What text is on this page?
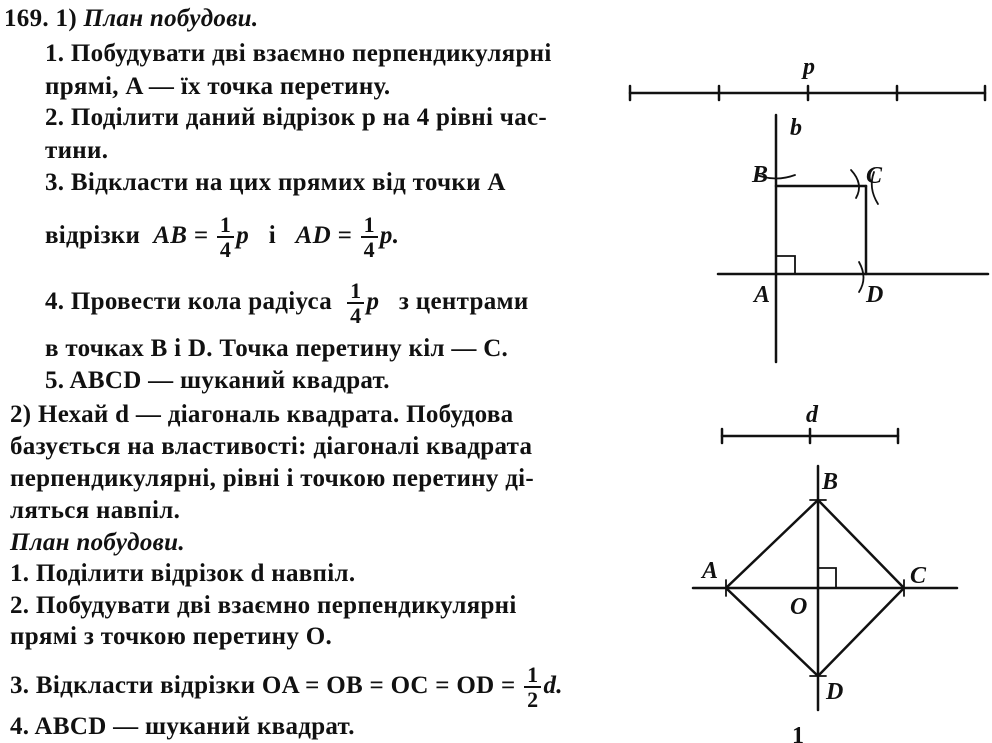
169. 1) План побудови.
1. Побудувати дві взаємно перпендикулярні
прямі, A — їх точка перетину.
2. Поділити даний відрізок p на 4 рівні час-
тини.
3. Відкласти на цих прямих від точки A
відрізки AB = $\frac{1}{4}$ p і AD = $\frac{1}{4} p$.
4. Провести кола радіуса $\frac{1}{4}$ p з центрами
в точках B і D. Точка перетину кіл — C.
5. ABCD — шуканий квадрат.
2) Нехай d — діагональ квадрата. Побудова
базується на властивості: діагоналі квадрата
перпендикулярні, рівні і точкою перетину ді-
ляться навпіл.
План побудови.
1. Поділити відрізок d навпіл.
2. Побудувати дві взаємно перпендикулярні
прямі з точкою перетину O.
3. Відкласти відрізки OA = OB = OC = OD = $\frac{1}{2} d$.
4. ABCD — шуканий квадрат.
p
b
B	C
A	D
d
B
A	C
O
D
1
